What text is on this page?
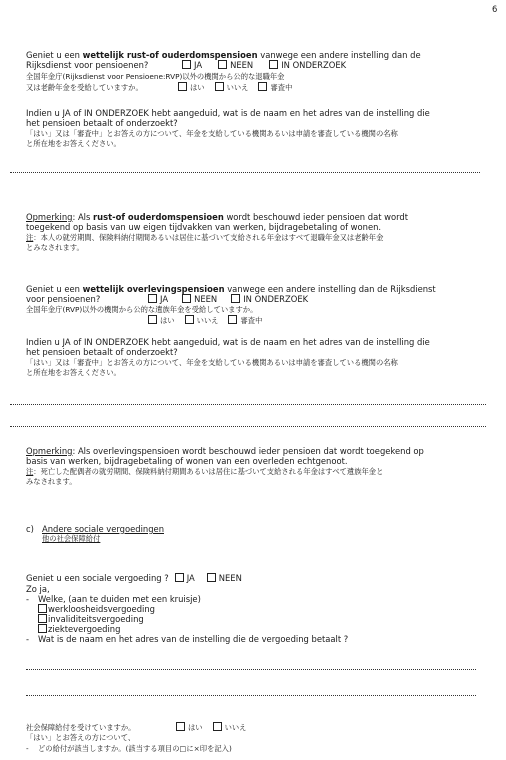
6
Geniet u een wettelijk rust-of ouderdomspensioen vanwege een andere instelling dan de
Rijksdienst voor pensioenen?	JA	NEEN	IN ONDERZOEK
全国年金庁(Rijksdienst voor Pensioene:RVP)以外の機関から公的な退職年金
又は老齢年金を受給していますか。	はい	いいえ	審査中
Indien u JA of IN ONDERZOEK hebt aangeduid, wat is de naam en het adres van de instelling die
het pensioen betaalt of onderzoekt?
「はい」又は「審査中」とお答えの方について、年金を支給している機関あるいは申請を審査している機関の名称
と所在地をお答えください。
Opmerking: Als rust-of ouderdomspensioen wordt beschouwd ieder pensioen dat wordt
toegekend op basis van uw eigen tijdvakken van werken, bijdragebetaling of wonen.
注：本人の就労期間、保険料納付期間あるいは居住に基づいて支給される年金はすべて退職年金又は老齢年金
とみなされます。
Geniet u een wettelijk overlevingspensioen vanwege een andere instelling dan de Rijksdienst
voor pensioenen?	JA	NEEN	IN ONDERZOEK
全国年金庁(RVP)以外の機関から公的な遺族年金を受給していますか。
はい	いいえ	審査中
Indien u JA of IN ONDERZOEK hebt aangeduid, wat is de naam en het adres van de instelling die
het pensioen betaalt of onderzoekt?
「はい」又は「審査中」とお答えの方について、年金を支給している機関あるいは申請を審査している機関の名称
と所在地をお答えください。
Opmerking: Als overlevingspensioen wordt beschouwd ieder pensioen dat wordt toegekend op
basis van werken, bijdragebetaling of wonen van een overleden echtgenoot.
注：死亡した配偶者の就労期間、保険料納付期間あるいは居住に基づいて支給される年金はすべて遺族年金と
みなされます。
c) Andere sociale vergoedingen
他の社会保障給付
Geniet u een sociale vergoeding ? JA	NEEN
Zo ja,
- Welke, (aan te duiden met een kruisje)
werkloosheidsvergoeding
invaliditeitsvergoeding
ziektevergoeding
- Wat is de naam en het adres van de instelling die de vergoeding betaalt ?
社会保障給付を受けていますか。	はい	いいえ
「はい」とお答えの方について、
- どの給付が該当しますか。(該当する項目の□に×印を記入)
